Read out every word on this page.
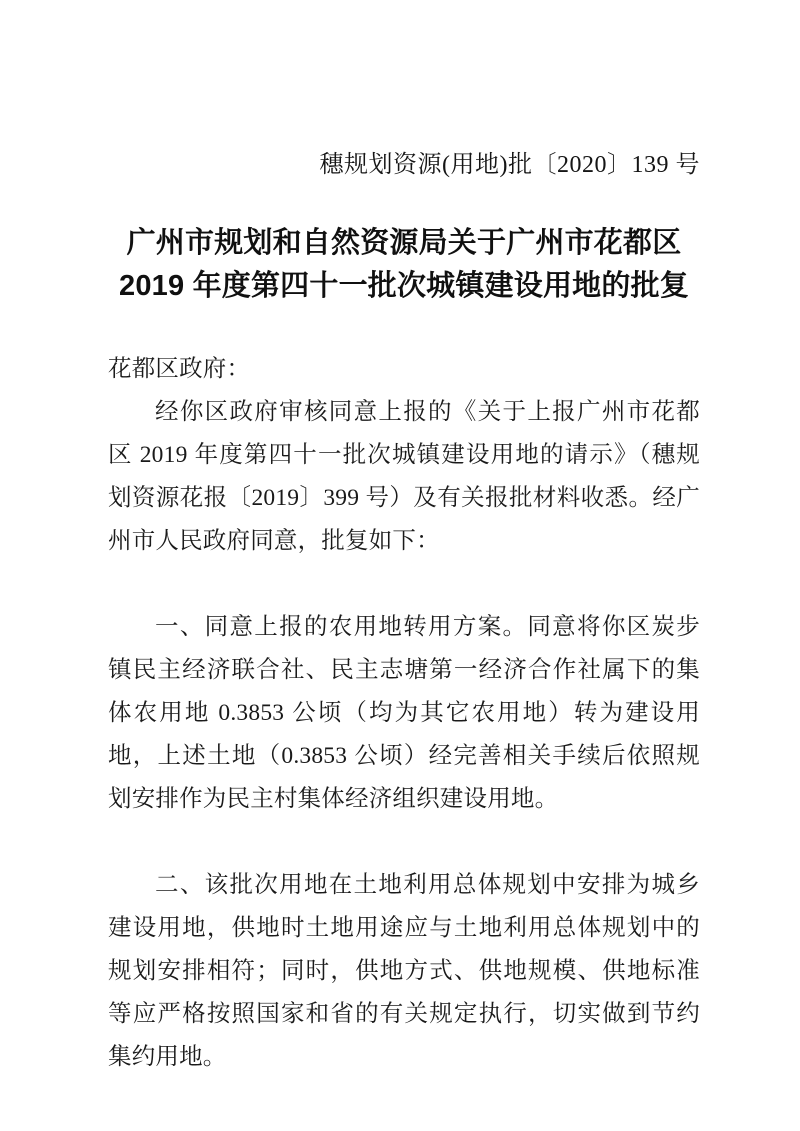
穗规划资源(用地)批〔2020〕139 号
广州市规划和自然资源局关于广州市花都区
2019 年度第四十一批次城镇建设用地的批复
花都区政府：

经你区政府审核同意上报的《关于上报广州市花都区 2019 年度第四十一批次城镇建设用地的请示》（穗规划资源花报〔2019〕399 号）及有关报批材料收悉。经广州市人民政府同意，批复如下：

一、同意上报的农用地转用方案。同意将你区炭步镇民主经济联合社、民主志塘第一经济合作社属下的集体农用地 0.3853 公顷（均为其它农用地）转为建设用地，上述土地（0.3853 公顷）经完善相关手续后依照规划安排作为民主村集体经济组织建设用地。

二、该批次用地在土地利用总体规划中安排为城乡建设用地，供地时土地用途应与土地利用总体规划中的规划安排相符；同时，供地方式、供地规模、供地标准等应严格按照国家和省的有关规定执行，切实做到节约集约用地。
